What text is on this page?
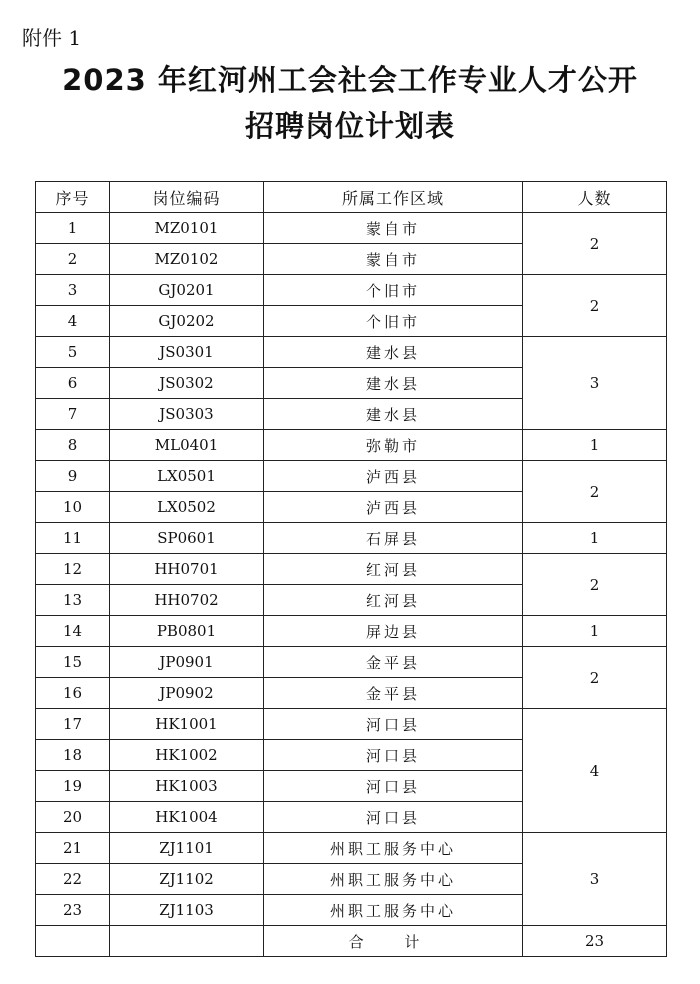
附件 1
2023 年红河州工会社会工作专业人才公开
招聘岗位计划表
序号	岗位编码	所属工作区域	人数
1	MZ0101	蒙自市	2
2	MZ0102	蒙自市	
3	GJ0201	个旧市	2
4	GJ0202	个旧市	
5	JS0301	建水县	3
6	JS0302	建水县	
7	JS0303	建水县	
8	ML0401	弥勒市	1
9	LX0501	泸西县	2
10	LX0502	泸西县	
11	SP0601	石屏县	1
12	HH0701	红河县	2
13	HH0702	红河县	
14	PB0801	屏边县	1
15	JP0901	金平县	2
16	JP0902	金平县	
17	HK1001	河口县	4
18	HK1002	河口县	
19	HK1003	河口县	
20	HK1004	河口县	
21	ZJ1101	州职工服务中心	3
22	ZJ1102	州职工服务中心	
23	ZJ1103	州职工服务中心	
		合 计	23
